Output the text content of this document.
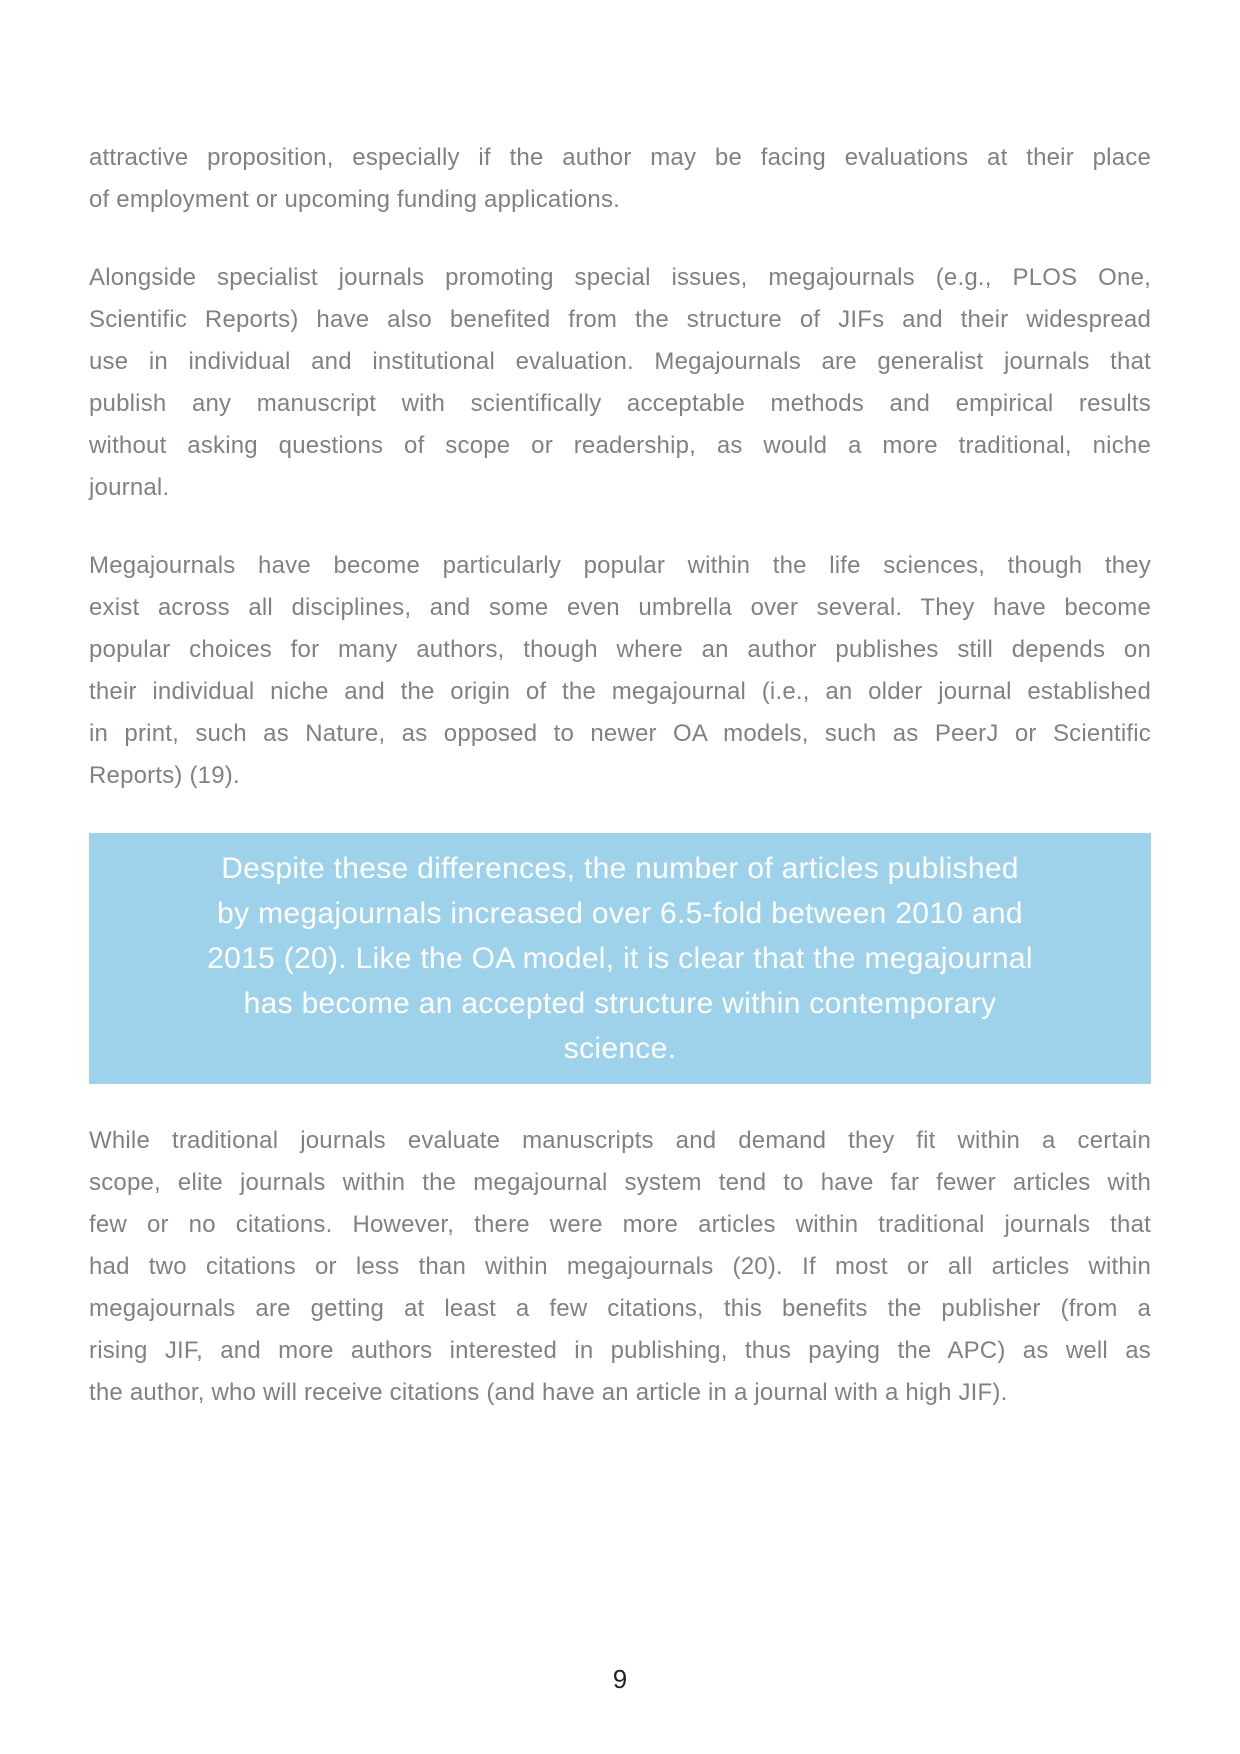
attractive proposition, especially if the author may be facing evaluations at their place
of employment or upcoming funding applications.
Alongside specialist journals promoting special issues, megajournals (e.g., PLOS One,
Scientific Reports) have also benefited from the structure of JIFs and their widespread
use in individual and institutional evaluation. Megajournals are generalist journals that
publish any manuscript with scientifically acceptable methods and empirical results
without asking questions of scope or readership, as would a more traditional, niche
journal.
Megajournals have become particularly popular within the life sciences, though they
exist across all disciplines, and some even umbrella over several. They have become
popular choices for many authors, though where an author publishes still depends on
their individual niche and the origin of the megajournal (i.e., an older journal established
in print, such as Nature, as opposed to newer OA models, such as PeerJ or Scientific
Reports) (19).
Despite these differences, the number of articles published
by megajournals increased over 6.5-fold between 2010 and
2015 (20). Like the OA model, it is clear that the megajournal
has become an accepted structure within contemporary
science.
While traditional journals evaluate manuscripts and demand they fit within a certain
scope, elite journals within the megajournal system tend to have far fewer articles with
few or no citations. However, there were more articles within traditional journals that
had two citations or less than within megajournals (20). If most or all articles within
megajournals are getting at least a few citations, this benefits the publisher (from a
rising JIF, and more authors interested in publishing, thus paying the APC) as well as
the author, who will receive citations (and have an article in a journal with a high JIF).
9
